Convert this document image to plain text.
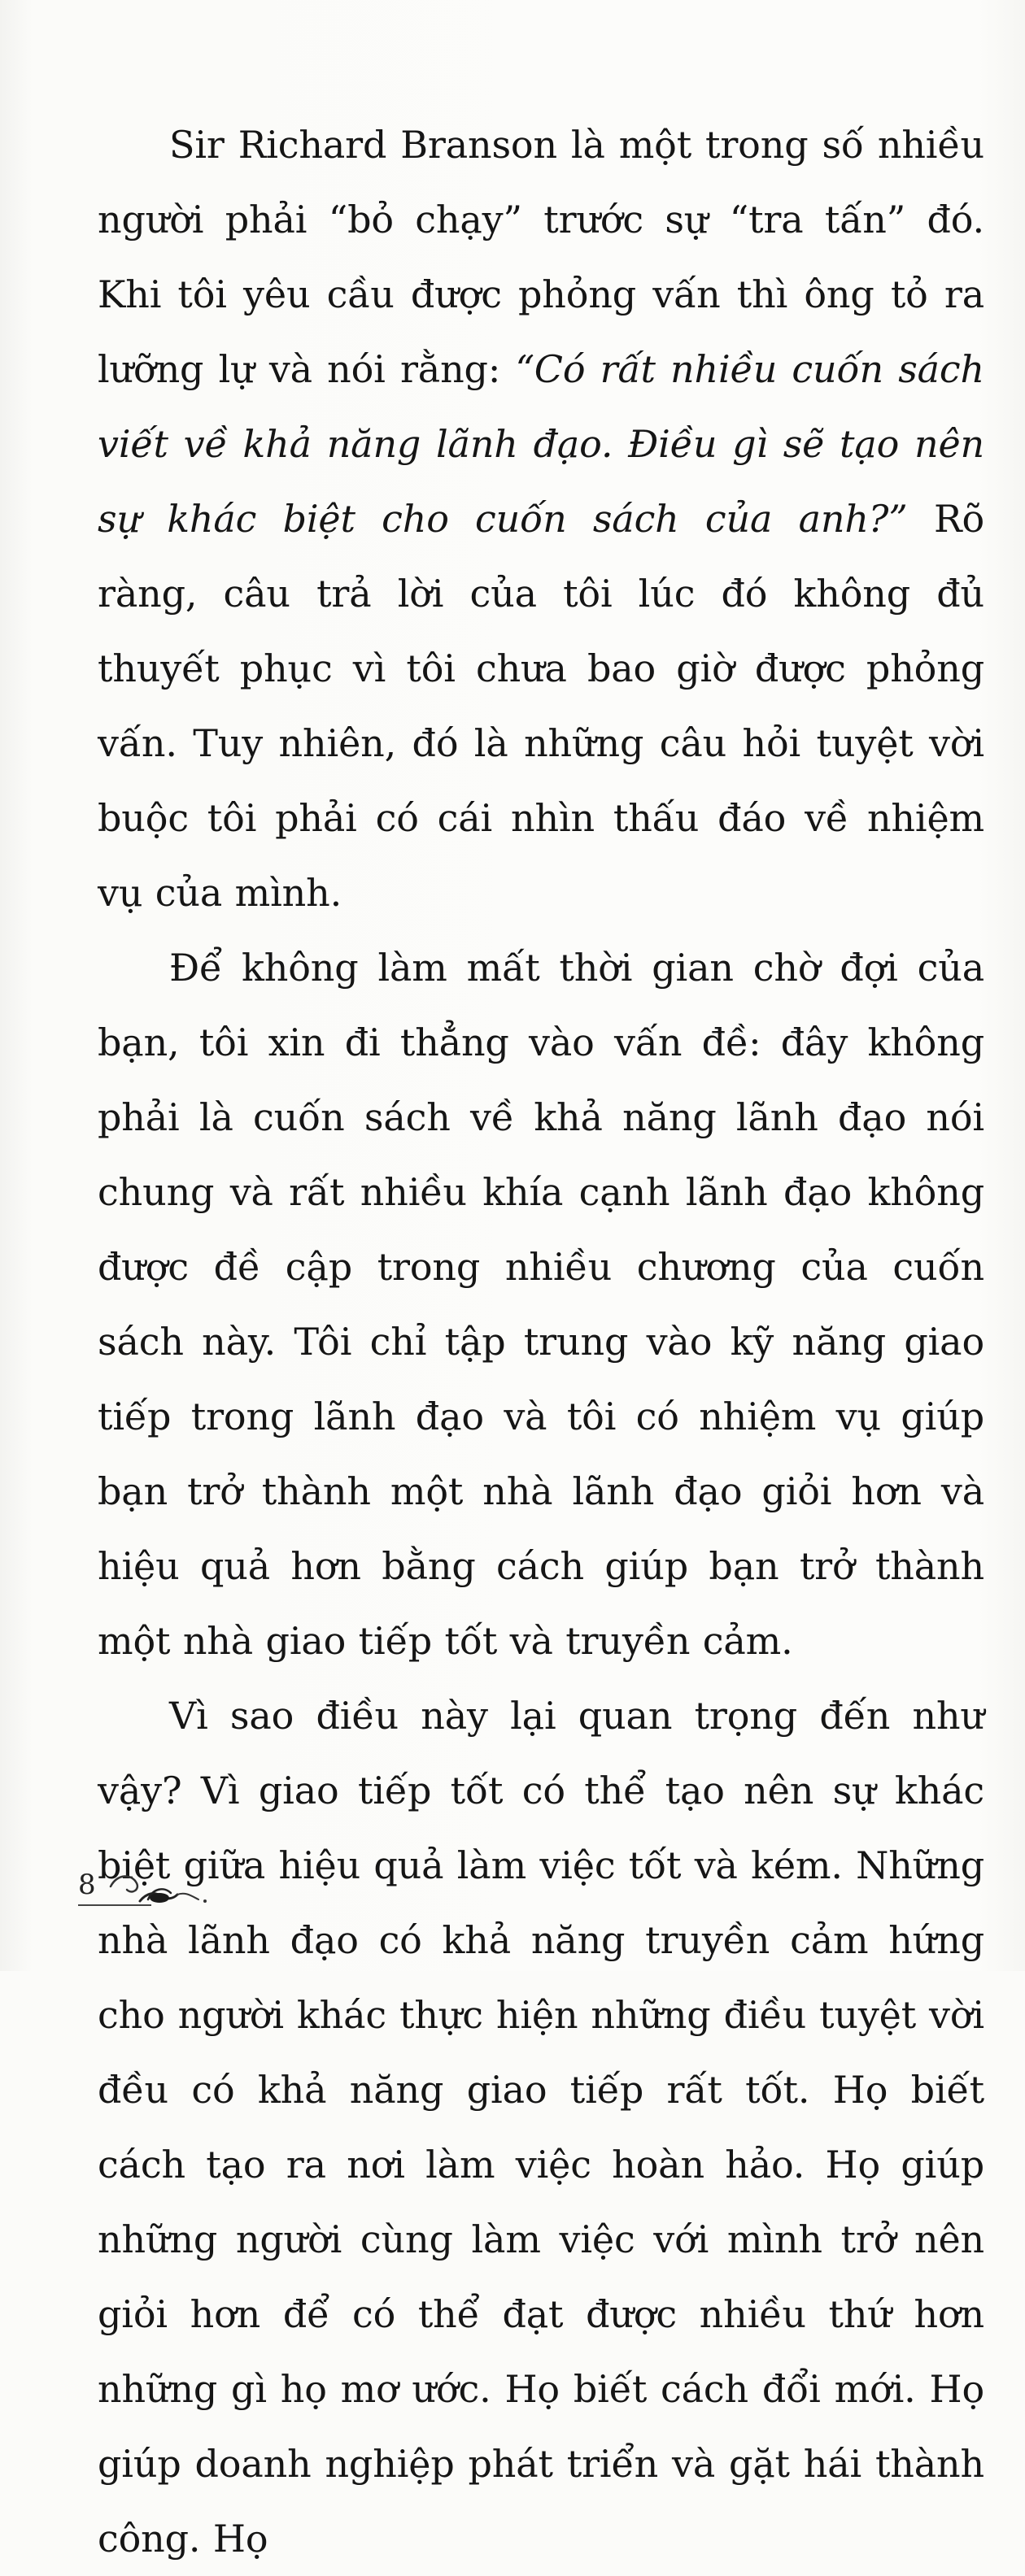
Sir Richard Branson là một trong số nhiều người phải “bỏ chạy” trước sự “tra tấn” đó. Khi tôi yêu cầu được phỏng vấn thì ông tỏ ra lưỡng lự và nói rằng: “Có rất nhiều cuốn sách viết về khả năng lãnh đạo. Điều gì sẽ tạo nên sự khác biệt cho cuốn sách của anh?” Rõ ràng, câu trả lời của tôi lúc đó không đủ thuyết phục vì tôi chưa bao giờ được phỏng vấn. Tuy nhiên, đó là những câu hỏi tuyệt vời buộc tôi phải có cái nhìn thấu đáo về nhiệm vụ của mình.

Để không làm mất thời gian chờ đợi của bạn, tôi xin đi thẳng vào vấn đề: đây không phải là cuốn sách về khả năng lãnh đạo nói chung và rất nhiều khía cạnh lãnh đạo không được đề cập trong nhiều chương của cuốn sách này. Tôi chỉ tập trung vào kỹ năng giao tiếp trong lãnh đạo và tôi có nhiệm vụ giúp bạn trở thành một nhà lãnh đạo giỏi hơn và hiệu quả hơn bằng cách giúp bạn trở thành một nhà giao tiếp tốt và truyền cảm.

Vì sao điều này lại quan trọng đến như vậy? Vì giao tiếp tốt có thể tạo nên sự khác biệt giữa hiệu quả làm việc tốt và kém. Những nhà lãnh đạo có khả năng truyền cảm hứng cho người khác thực hiện những điều tuyệt vời đều có khả năng giao tiếp rất tốt. Họ biết cách tạo ra nơi làm việc hoàn hảo. Họ giúp những người cùng làm việc với mình trở nên giỏi hơn để có thể đạt được nhiều thứ hơn những gì họ mơ ước. Họ biết cách đổi mới. Họ giúp doanh nghiệp phát triển và gặt hái thành công. Họ

8
